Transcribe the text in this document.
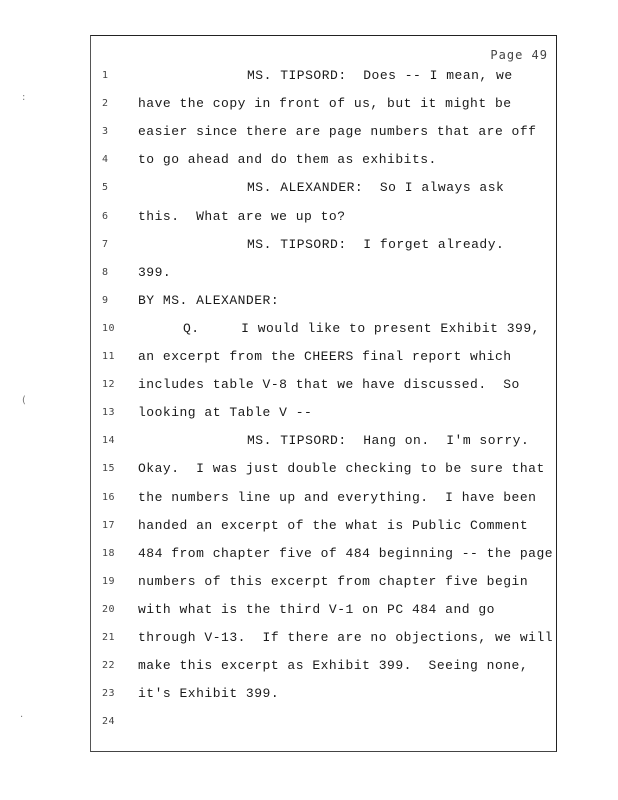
Page 49
1	MS. TIPSORD:  Does -- I mean, we
2	have the copy in front of us, but it might be
3	easier since there are page numbers that are off
4	to go ahead and do them as exhibits.
5	MS. ALEXANDER:  So I always ask
6	this.  What are we up to?
7	MS. TIPSORD:  I forget already.
8	399.
9	BY MS. ALEXANDER:
10	Q.     I would like to present Exhibit 399,
11	an excerpt from the CHEERS final report which
12	includes table V-8 that we have discussed.  So
13	looking at Table V --
14	MS. TIPSORD:  Hang on.  I'm sorry.
15	Okay.  I was just double checking to be sure that
16	the numbers line up and everything.  I have been
17	handed an excerpt of the what is Public Comment
18	484 from chapter five of 484 beginning -- the page
19	numbers of this excerpt from chapter five begin
20	with what is the third V-1 on PC 484 and go
21	through V-13.  If there are no objections, we will
22	make this excerpt as Exhibit 399.  Seeing none,
23	it's Exhibit 399.
24
:
(
·
